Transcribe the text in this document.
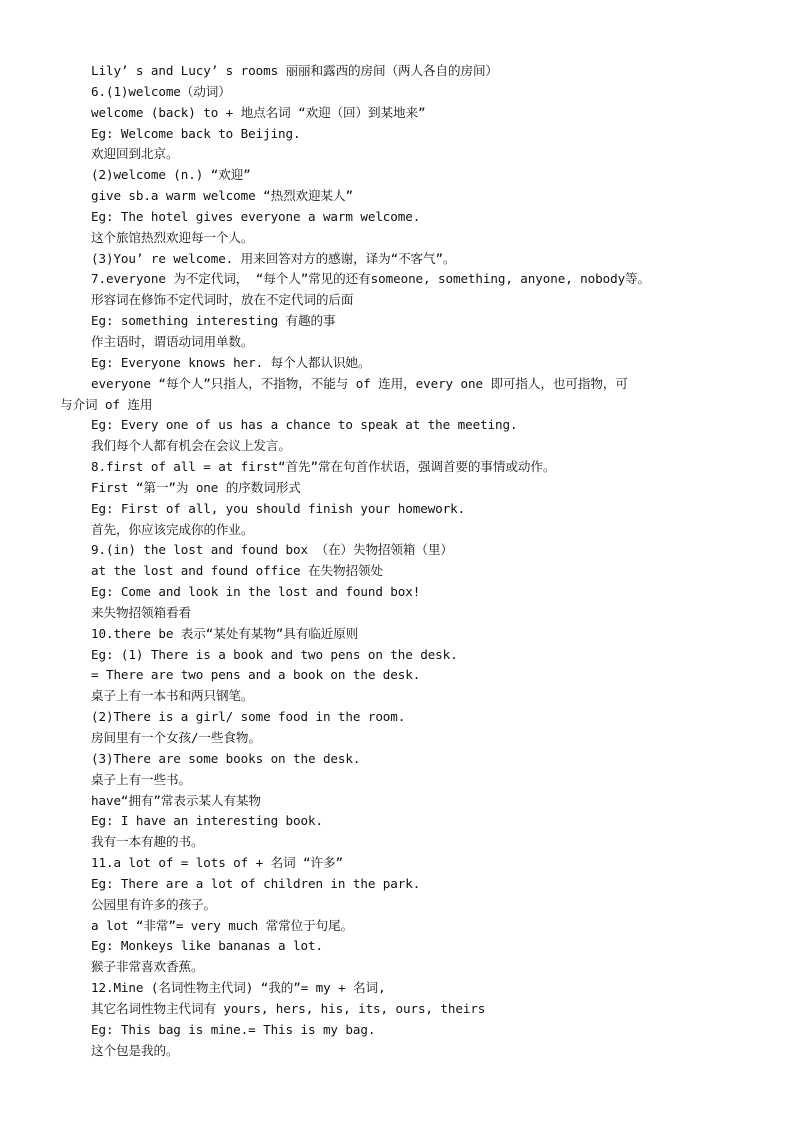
Lily’ s and Lucy’ s rooms 丽丽和露西的房间（两人各自的房间）
6.(1)welcome（动词）
welcome (back) to + 地点名词 “欢迎（回）到某地来”
Eg: Welcome back to Beijing.
欢迎回到北京。
(2)welcome (n.) “欢迎”
give sb.a warm welcome “热烈欢迎某人”
Eg: The hotel gives everyone a warm welcome.
这个旅馆热烈欢迎每一个人。
(3)You’ re welcome. 用来回答对方的感谢，译为“不客气”。
7.everyone 为不定代词， “每个人”常见的还有someone, something, anyone, nobody等。
形容词在修饰不定代词时，放在不定代词的后面
Eg: something interesting 有趣的事
作主语时，谓语动词用单数。
Eg: Everyone knows her. 每个人都认识她。
everyone “每个人”只指人，不指物，不能与 of 连用，every one 即可指人，也可指物，可
与介词 of 连用
Eg: Every one of us has a chance to speak at the meeting.
我们每个人都有机会在会议上发言。
8.first of all = at first“首先”常在句首作状语，强调首要的事情或动作。
First “第一”为 one 的序数词形式
Eg: First of all, you should finish your homework.
首先，你应该完成你的作业。
9.(in) the lost and found box （在）失物招领箱（里）
at the lost and found office 在失物招领处
Eg: Come and look in the lost and found box!
来失物招领箱看看
10.there be 表示“某处有某物”具有临近原则
Eg: (1) There is a book and two pens on the desk.
= There are two pens and a book on the desk.
桌子上有一本书和两只钢笔。
(2)There is a girl/ some food in the room.
房间里有一个女孩/一些食物。
(3)There are some books on the desk.
桌子上有一些书。
have“拥有”常表示某人有某物
Eg: I have an interesting book.
我有一本有趣的书。
11.a lot of = lots of + 名词 “许多”
Eg: There are a lot of children in the park.
公园里有许多的孩子。
a lot “非常”= very much 常常位于句尾。
Eg: Monkeys like bananas a lot.
猴子非常喜欢香蕉。
12.Mine (名词性物主代词) “我的”= my + 名词,
其它名词性物主代词有 yours, hers, his, its, ours, theirs
Eg: This bag is mine.= This is my bag.
这个包是我的。
